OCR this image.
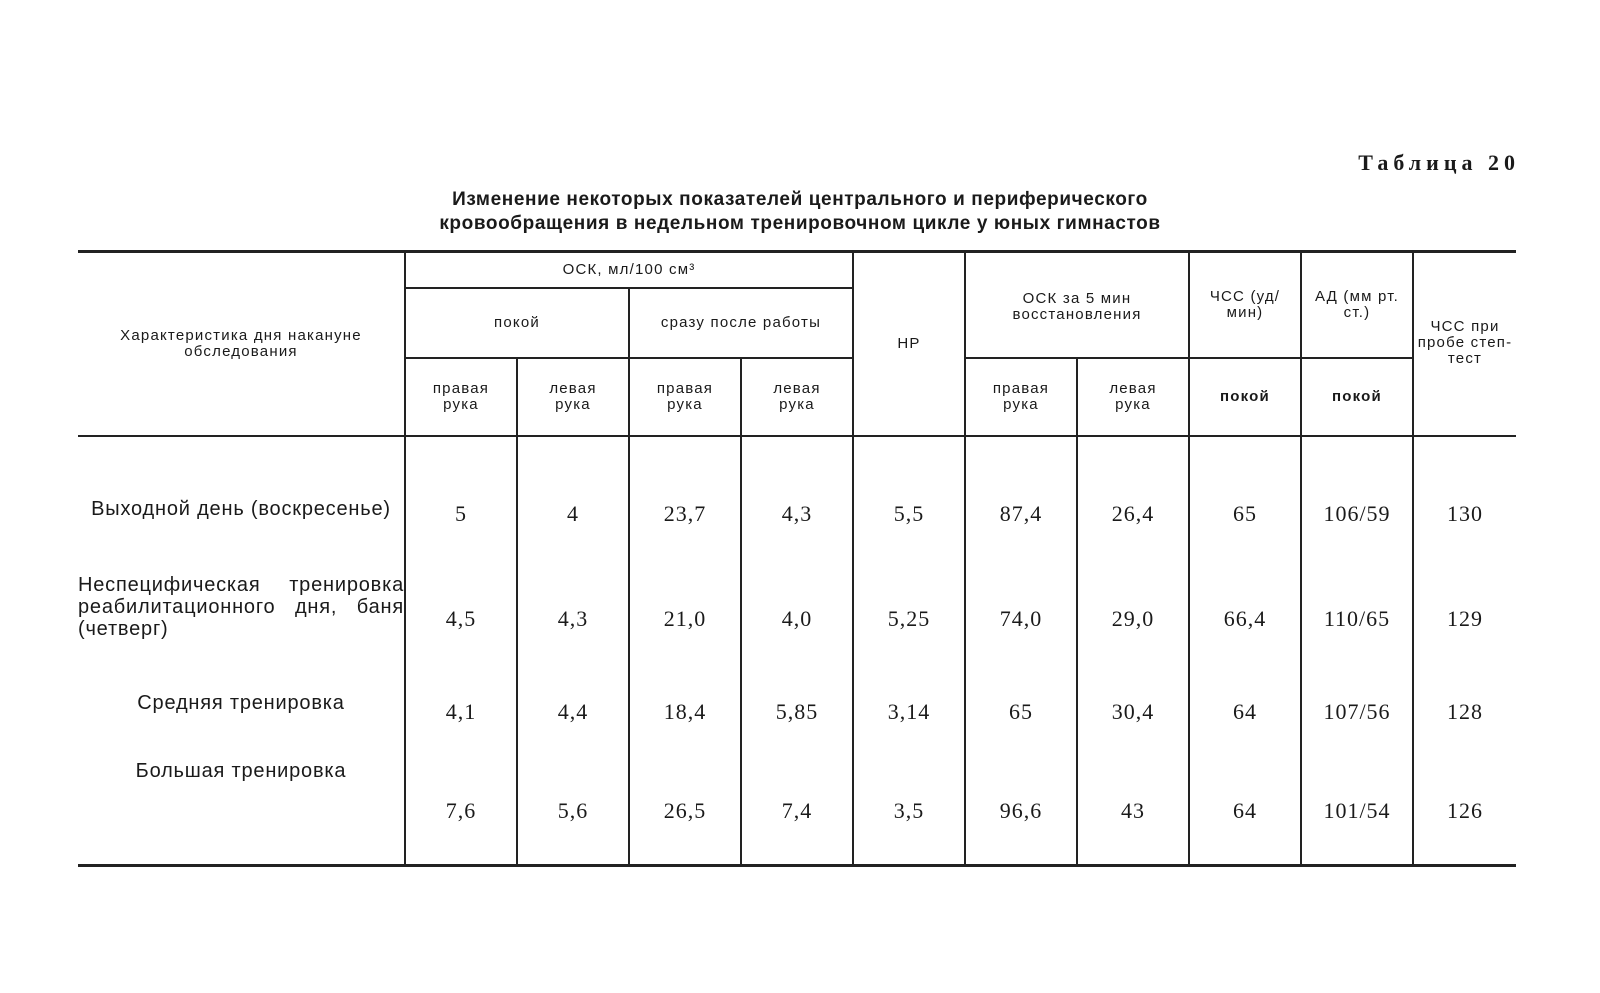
Таблица 20
Изменение некоторых показателей центрального и периферического
кровообращения в недельном тренировочном цикле у юных гимнастов
Характеристика дня накануне обследования	ОСК, мл/100 см³				НР	ОСК за 5 мин восстановления		ЧСС (уд/мин)	АД (мм рт. ст.)	ЧСС при пробе степ-тест
	покой		сразу после работы							
	правая рука	левая рука	правая рука	левая рука		правая рука	левая рука	покой	покой	
Выходной день (воскресенье)	5	4	23,7	4,3	5,5	87,4	26,4	65	106/59	130
Неспецифическая тренировка реабилитационного дня, баня (четверг)	4,5	4,3	21,0	4,0	5,25	74,0	29,0	66,4	110/65	129
Средняя тренировка	4,1	4,4	18,4	5,85	3,14	65	30,4	64	107/56	128
Большая тренировка	7,6	5,6	26,5	7,4	3,5	96,6	43	64	101/54	126
